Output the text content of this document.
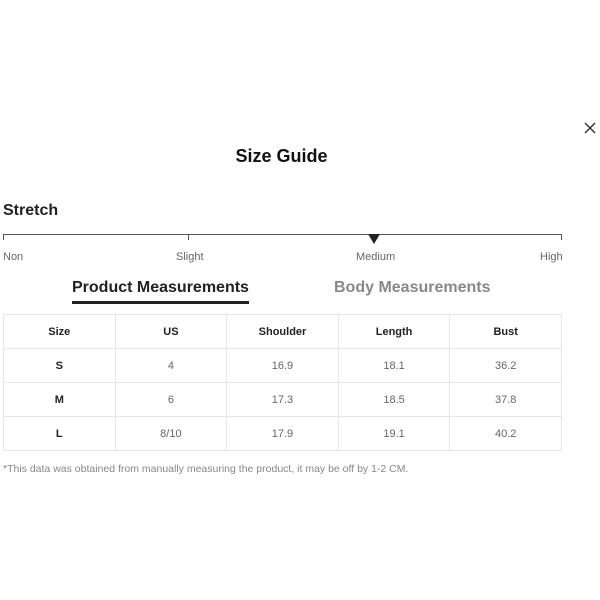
Size Guide
Stretch
Non	Slight	Medium	High
Product Measurements	Body Measurements
Size	US	Shoulder	Length	Bust
S	4	16.9	18.1	36.2
M	6	17.3	18.5	37.8
L	8/10	17.9	19.1	40.2
*This data was obtained from manually measuring the product, it may be off by 1-2 CM.
